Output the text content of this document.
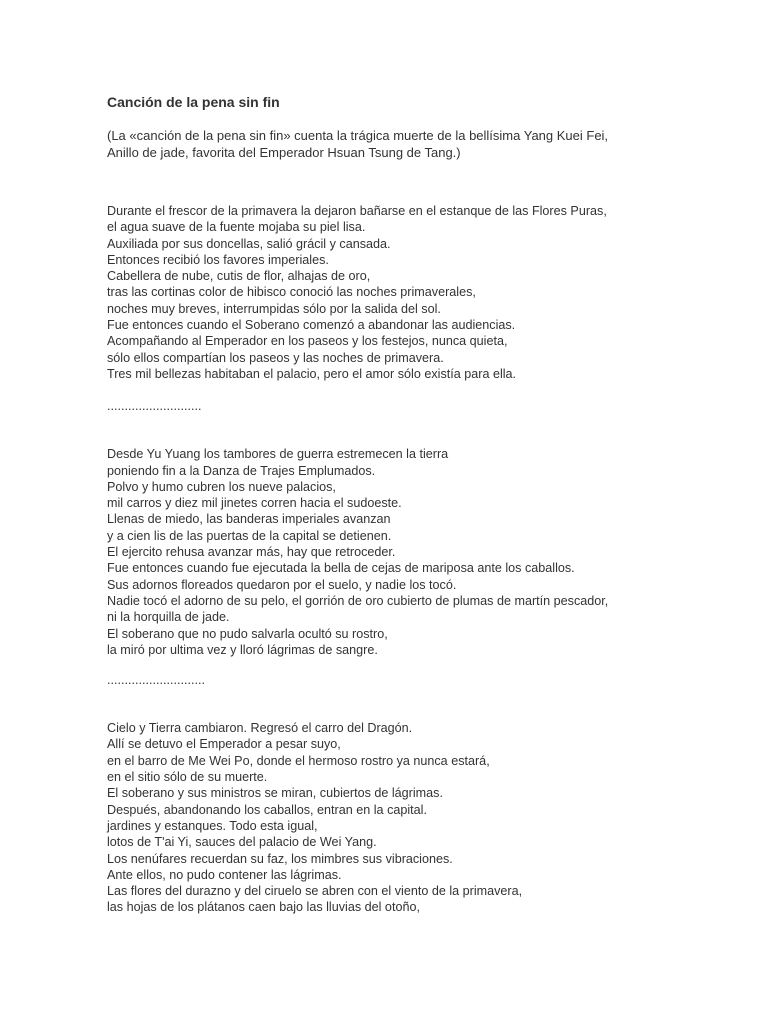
Canción de la pena sin fin
(La «canción de la pena sin fin» cuenta la trágica muerte de la bellísima Yang Kuei Fei,
Anillo de jade, favorita del Emperador Hsuan Tsung de Tang.)
Durante el frescor de la primavera la dejaron bañarse en el estanque de las Flores Puras,
el agua suave de la fuente mojaba su piel lisa.
Auxiliada por sus doncellas, salió grácil y cansada.
Entonces recibió los favores imperiales.
Cabellera de nube, cutis de flor, alhajas de oro,
tras las cortinas color de hibisco conoció las noches primaverales,
noches muy breves, interrumpidas sólo por la salida del sol.
Fue entonces cuando el Soberano comenzó a abandonar las audiencias.
Acompañando al Emperador en los paseos y los festejos, nunca quieta,
sólo ellos compartían los paseos y las noches de primavera.
Tres mil bellezas habitaban el palacio, pero el amor sólo existía para ella.
...........................
Desde Yu Yuang los tambores de guerra estremecen la tierra
poniendo fin a la Danza de Trajes Emplumados.
Polvo y humo cubren los nueve palacios,
mil carros y diez mil jinetes corren hacia el sudoeste.
Llenas de miedo, las banderas imperiales avanzan
y a cien lis de las puertas de la capital se detienen.
El ejercito rehusa avanzar más, hay que retroceder.
Fue entonces cuando fue ejecutada la bella de cejas de mariposa ante los caballos.
Sus adornos floreados quedaron por el suelo, y nadie los tocó.
Nadie tocó el adorno de su pelo, el gorrión de oro cubierto de plumas de martín pescador,
ni la horquilla de jade.
El soberano que no pudo salvarla ocultó su rostro,
la miró por ultima vez y lloró lágrimas de sangre.
............................
Cielo y Tierra cambiaron. Regresó el carro del Dragón.
Allí se detuvo el Emperador a pesar suyo,
en el barro de Me Wei Po, donde el hermoso rostro ya nunca estará,
en el sitio sólo de su muerte.
El soberano y sus ministros se miran, cubiertos de lágrimas.
Después, abandonando los caballos, entran en la capital.
jardines y estanques. Todo esta igual,
lotos de T'ai Yi, sauces del palacio de Wei Yang.
Los nenúfares recuerdan su faz, los mimbres sus vibraciones.
Ante ellos, no pudo contener las lágrimas.
Las flores del durazno y del ciruelo se abren con el viento de la primavera,
las hojas de los plátanos caen bajo las lluvias del otoño,
